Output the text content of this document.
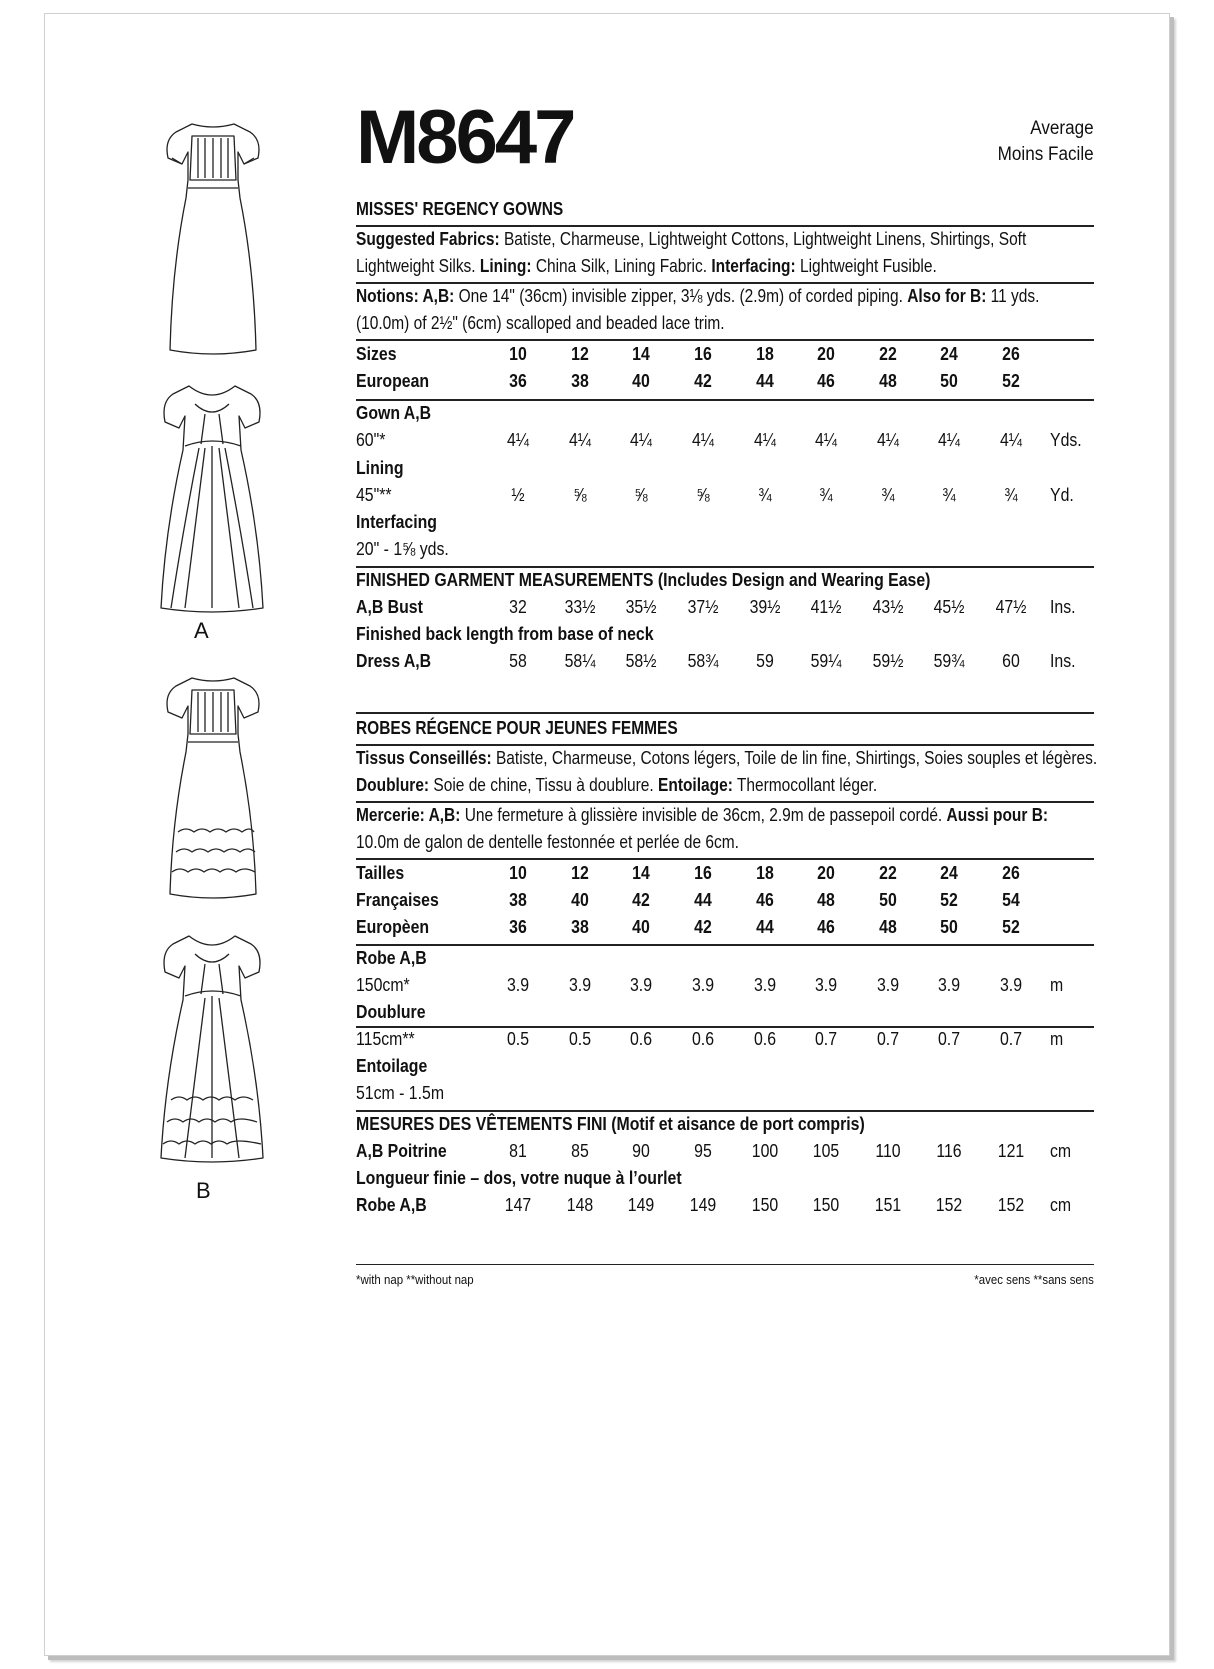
A
B
M8647	Average
Moins Facile
MISSES' REGENCY GOWNS
Suggested Fabrics: Batiste, Charmeuse, Lightweight Cottons, Lightweight Linens, Shirtings, Soft
Lightweight Silks. Lining: China Silk, Lining Fabric. Interfacing: Lightweight Fusible.
Notions: A,B: One 14" (36cm) invisible zipper, 3⅛ yds. (2.9m) of corded piping. Also for B: 11 yds.
(10.0m) of 2½" (6cm) scalloped and beaded lace trim.
Sizes	10	12	14	16	18	20	22	24	26
European	36	38	40	42	44	46	48	50	52
Gown A,B
60"*	4¼	4¼	4¼	4¼	4¼	4¼	4¼	4¼	4¼	Yds.
Lining
45"**	½	⅝	⅝	⅝	¾	¾	¾	¾	¾	Yd.
Interfacing
20" - 1⅝ yds.
FINISHED GARMENT MEASUREMENTS (Includes Design and Wearing Ease)
A,B Bust	32	33½	35½	37½	39½	41½	43½	45½	47½	Ins.
Finished back length from base of neck
Dress A,B	58	58¼	58½	58¾	59	59¼	59½	59¾	60	Ins.
ROBES RÉGENCE POUR JEUNES FEMMES
Tissus Conseillés: Batiste, Charmeuse, Cotons légers, Toile de lin fine, Shirtings, Soies souples et légères.
Doublure: Soie de chine, Tissu à doublure. Entoilage: Thermocollant léger.
Mercerie: A,B: Une fermeture à glissière invisible de 36cm, 2.9m de passepoil cordé. Aussi pour B:
10.0m de galon de dentelle festonnée et perlée de 6cm.
Tailles	10	12	14	16	18	20	22	24	26
Françaises	38	40	42	44	46	48	50	52	54
Europèen	36	38	40	42	44	46	48	50	52
Robe A,B
150cm*	3.9	3.9	3.9	3.9	3.9	3.9	3.9	3.9	3.9	m
Doublure
115cm**	0.5	0.5	0.6	0.6	0.6	0.7	0.7	0.7	0.7	m
Entoilage
51cm - 1.5m
MESURES DES VÊTEMENTS FINI (Motif et aisance de port compris)
A,B Poitrine	81	85	90	95	100	105	110	116	121	cm
Longueur finie – dos, votre nuque à l’ourlet
Robe A,B	147	148	149	149	150	150	151	152	152	cm
*with nap **without nap	*avec sens **sans sens
